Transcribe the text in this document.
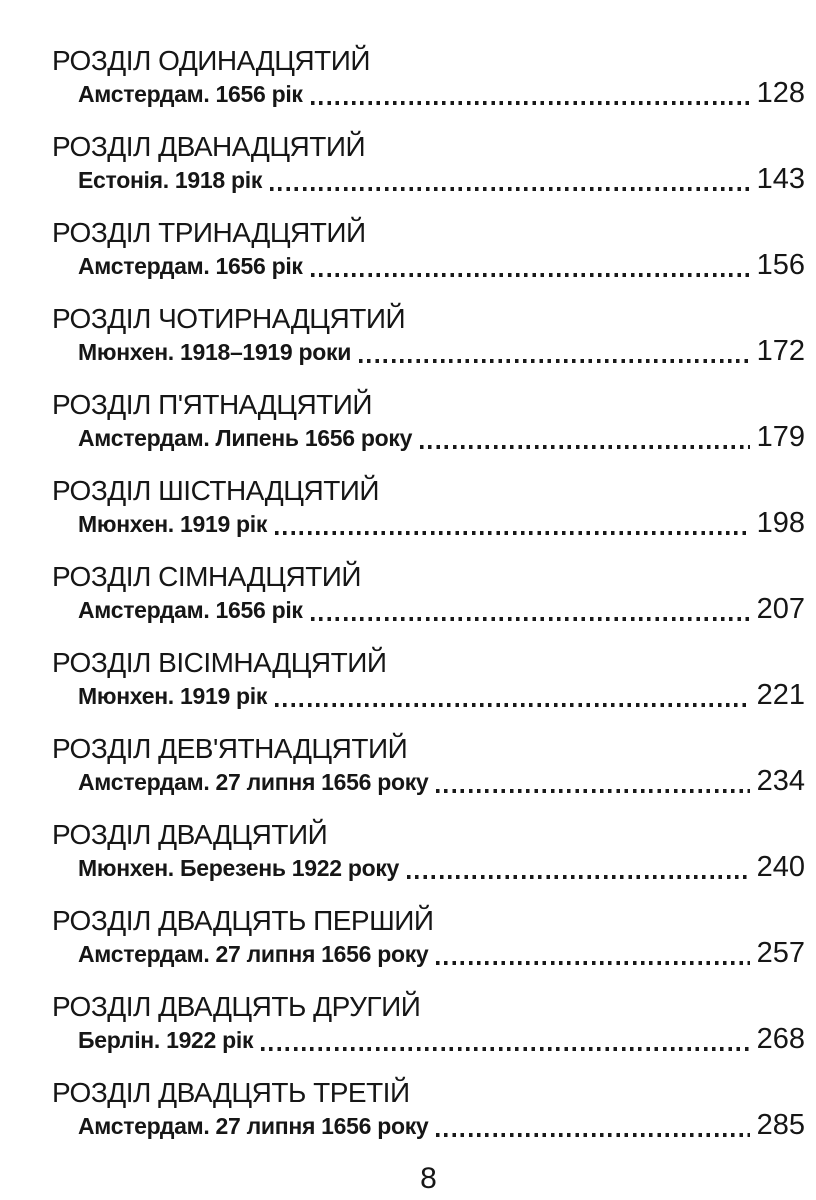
РОЗДІЛ ОДИНАДЦЯТИЙ
Амстердам. 1656 рік	128
РОЗДІЛ ДВАНАДЦЯТИЙ
Естонія. 1918 рік	143
РОЗДІЛ ТРИНАДЦЯТИЙ
Амстердам. 1656 рік	156
РОЗДІЛ ЧОТИРНАДЦЯТИЙ
Мюнхен. 1918–1919 роки	172
РОЗДІЛ П'ЯТНАДЦЯТИЙ
Амстердам. Липень 1656 року	179
РОЗДІЛ ШІСТНАДЦЯТИЙ
Мюнхен. 1919 рік	198
РОЗДІЛ СІМНАДЦЯТИЙ
Амстердам. 1656 рік	207
РОЗДІЛ ВІСІМНАДЦЯТИЙ
Мюнхен. 1919 рік	221
РОЗДІЛ ДЕВ'ЯТНАДЦЯТИЙ
Амстердам. 27 липня 1656 року	234
РОЗДІЛ ДВАДЦЯТИЙ
Мюнхен. Березень 1922 року	240
РОЗДІЛ ДВАДЦЯТЬ ПЕРШИЙ
Амстердам. 27 липня 1656 року	257
РОЗДІЛ ДВАДЦЯТЬ ДРУГИЙ
Берлін. 1922 рік	268
РОЗДІЛ ДВАДЦЯТЬ ТРЕТІЙ
Амстердам. 27 липня 1656 року	285
8
